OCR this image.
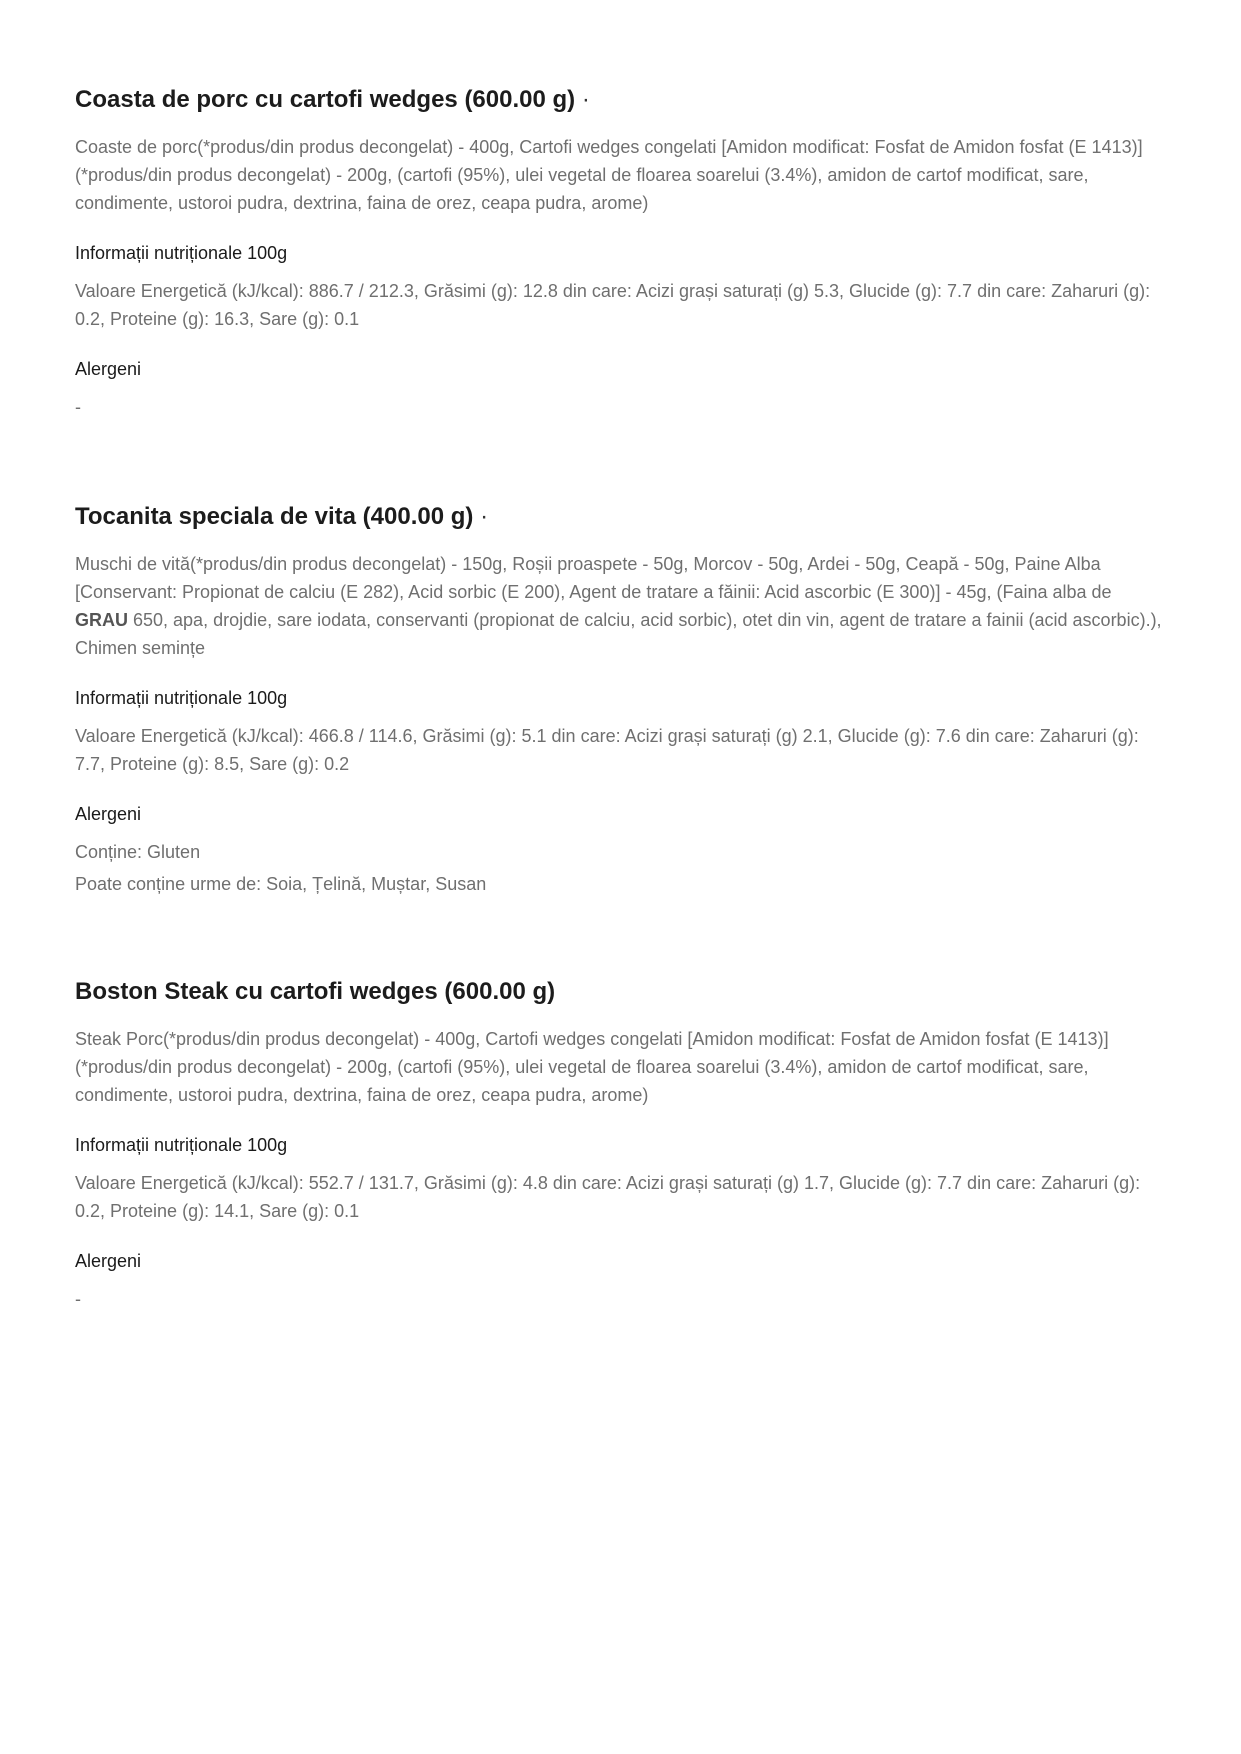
Coasta de porc cu cartofi wedges (600.00 g) ·

Coaste de porc(*produs/din produs decongelat) - 400g, Cartofi wedges congelati [Amidon modificat: Fosfat de Amidon fosfat (E 1413)] (*produs/din produs decongelat) - 200g, (cartofi (95%), ulei vegetal de floarea soarelui (3.4%), amidon de cartof modificat, sare, condimente, ustoroi pudra, dextrina, faina de orez, ceapa pudra, arome)

Informații nutriționale 100g

Valoare Energetică (kJ/kcal): 886.7 / 212.3, Grăsimi (g): 12.8 din care: Acizi grași saturați (g) 5.3, Glucide (g): 7.7 din care: Zaharuri (g): 0.2, Proteine (g): 16.3, Sare (g): 0.1

Alergeni

-

Tocanita speciala de vita (400.00 g) ·

Muschi de vită(*produs/din produs decongelat) - 150g, Roșii proaspete - 50g, Morcov - 50g, Ardei - 50g, Ceapă - 50g, Paine Alba [Conservant: Propionat de calciu (E 282), Acid sorbic (E 200), Agent de tratare a făinii: Acid ascorbic (E 300)] - 45g, (Faina alba de GRAU 650, apa, drojdie, sare iodata, conservanti (propionat de calciu, acid sorbic), otet din vin, agent de tratare a fainii (acid ascorbic).), Chimen semințe

Informații nutriționale 100g

Valoare Energetică (kJ/kcal): 466.8 / 114.6, Grăsimi (g): 5.1 din care: Acizi grași saturați (g) 2.1, Glucide (g): 7.6 din care: Zaharuri (g): 7.7, Proteine (g): 8.5, Sare (g): 0.2

Alergeni

Conține: Gluten

Poate conține urme de: Soia, Țelină, Muștar, Susan

Boston Steak cu cartofi wedges (600.00 g)

Steak Porc(*produs/din produs decongelat) - 400g, Cartofi wedges congelati [Amidon modificat: Fosfat de Amidon fosfat (E 1413)] (*produs/din produs decongelat) - 200g, (cartofi (95%), ulei vegetal de floarea soarelui (3.4%), amidon de cartof modificat, sare, condimente, ustoroi pudra, dextrina, faina de orez, ceapa pudra, arome)

Informații nutriționale 100g

Valoare Energetică (kJ/kcal): 552.7 / 131.7, Grăsimi (g): 4.8 din care: Acizi grași saturați (g) 1.7, Glucide (g): 7.7 din care: Zaharuri (g): 0.2, Proteine (g): 14.1, Sare (g): 0.1

Alergeni

-
